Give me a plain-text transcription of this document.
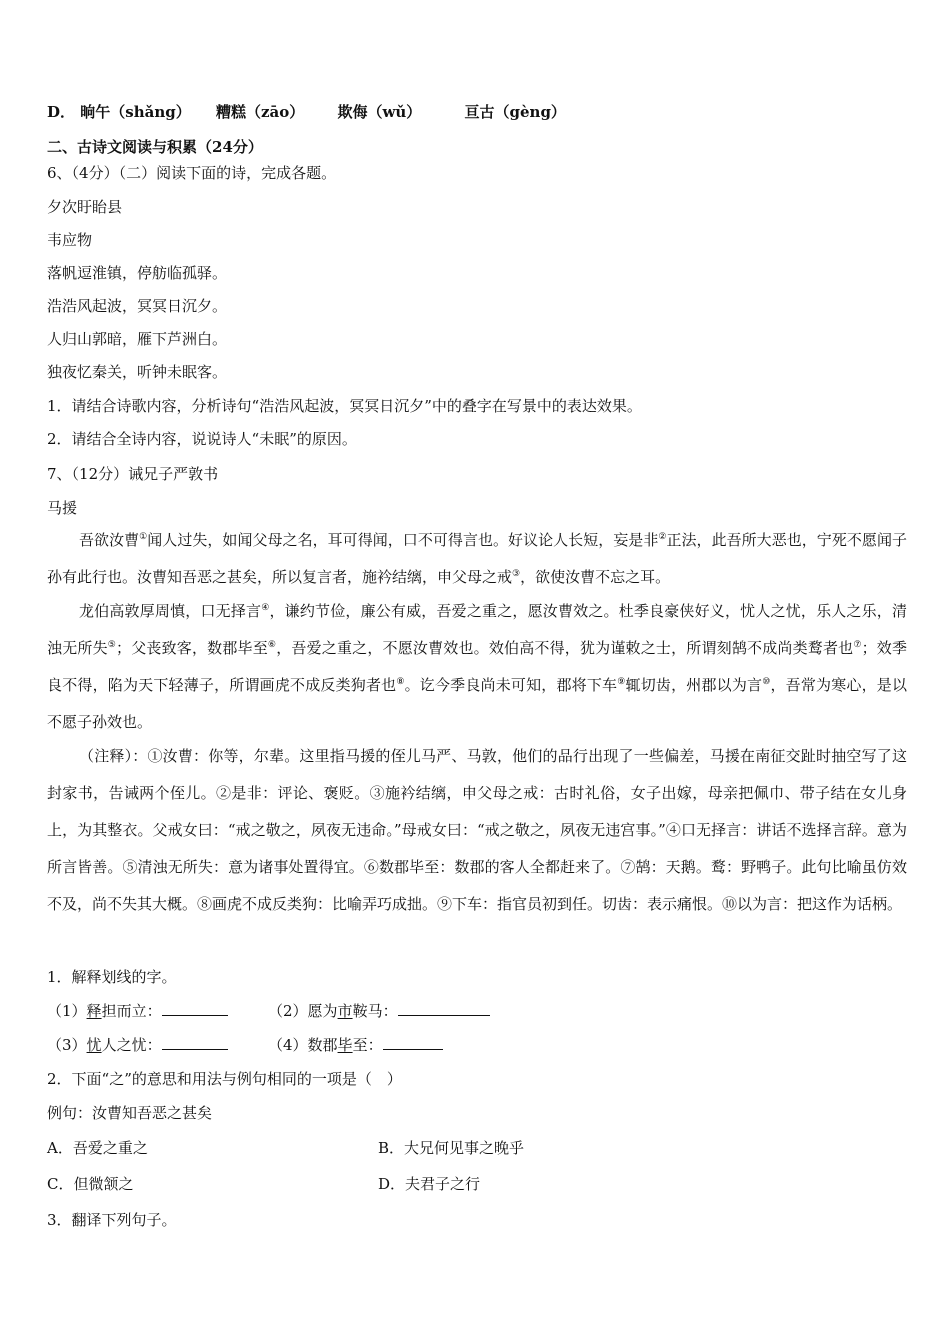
D． 晌午（shǎng） 糟糕（zāo） 欺侮（wǔ）	亘古（gèng）
二、古诗文阅读与积累（24分）
6、（4分）（二）阅读下面的诗，完成各题。
夕次盱眙县
韦应物
落帆逗淮镇，停舫临孤驿。
浩浩风起波，冥冥日沉夕。
人归山郭暗，雁下芦洲白。
独夜忆秦关，听钟未眠客。
1．请结合诗歌内容，分析诗句“浩浩风起波，冥冥日沉夕”中的叠字在写景中的表达效果。
2．请结合全诗内容，说说诗人“未眠”的原因。
7、（12分）诫兄子严敦书
马援
吾欲汝曹①闻人过失，如闻父母之名，耳可得闻，口不可得言也。好议论人长短，妄是非②正法，此吾所大恶也，宁死不愿闻子孙有此行也。汝曹知吾恶之甚矣，所以复言者，施衿结缡，申父母之戒③，欲使汝曹不忘之耳。
龙伯高敦厚周慎，口无择言④，谦约节俭，廉公有威，吾爱之重之，愿汝曹效之。杜季良豪侠好义，忧人之忧，乐人之乐，清浊无所失⑤；父丧致客，数郡毕至⑥，吾爱之重之，不愿汝曹效也。效伯高不得，犹为谨敕之士，所谓刻鹄不成尚类鹜者也⑦；效季良不得，陷为天下轻薄子，所谓画虎不成反类狗者也⑧。讫今季良尚未可知，郡将下车⑨辄切齿，州郡以为言⑩，吾常为寒心，是以不愿子孙效也。
（注释）：①汝曹：你等，尔辈。这里指马援的侄儿马严、马敦，他们的品行出现了一些偏差，马援在南征交趾时抽空写了这封家书，告诫两个侄儿。②是非：评论、褒贬。③施衿结缡，申父母之戒：古时礼俗，女子出嫁，母亲把佩巾、带子结在女儿身上，为其整衣。父戒女曰：“戒之敬之，夙夜无违命。”母戒女曰：“戒之敬之，夙夜无违宫事。”④口无择言：讲话不选择言辞。意为所言皆善。⑤清浊无所失：意为诸事处置得宜。⑥数郡毕至：数郡的客人全都赶来了。⑦鹄：天鹅。鹜：野鸭子。此句比喻虽仿效不及，尚不失其大概。⑧画虎不成反类狗：比喻弄巧成拙。⑨下车：指官员初到任。切齿：表示痛恨。⑩以为言：把这作为话柄。
1．解释划线的字。
（1）释担而立：	（2）愿为市鞍马：
（3）忧人之忧：	（4）数郡毕至：
2．下面“之”的意思和用法与例句相同的一项是（　）
例句：汝曹知吾恶之甚矣
A．吾爱之重之	B．大兄何见事之晚乎
C．但微颔之	D．夫君子之行
3．翻译下列句子。
